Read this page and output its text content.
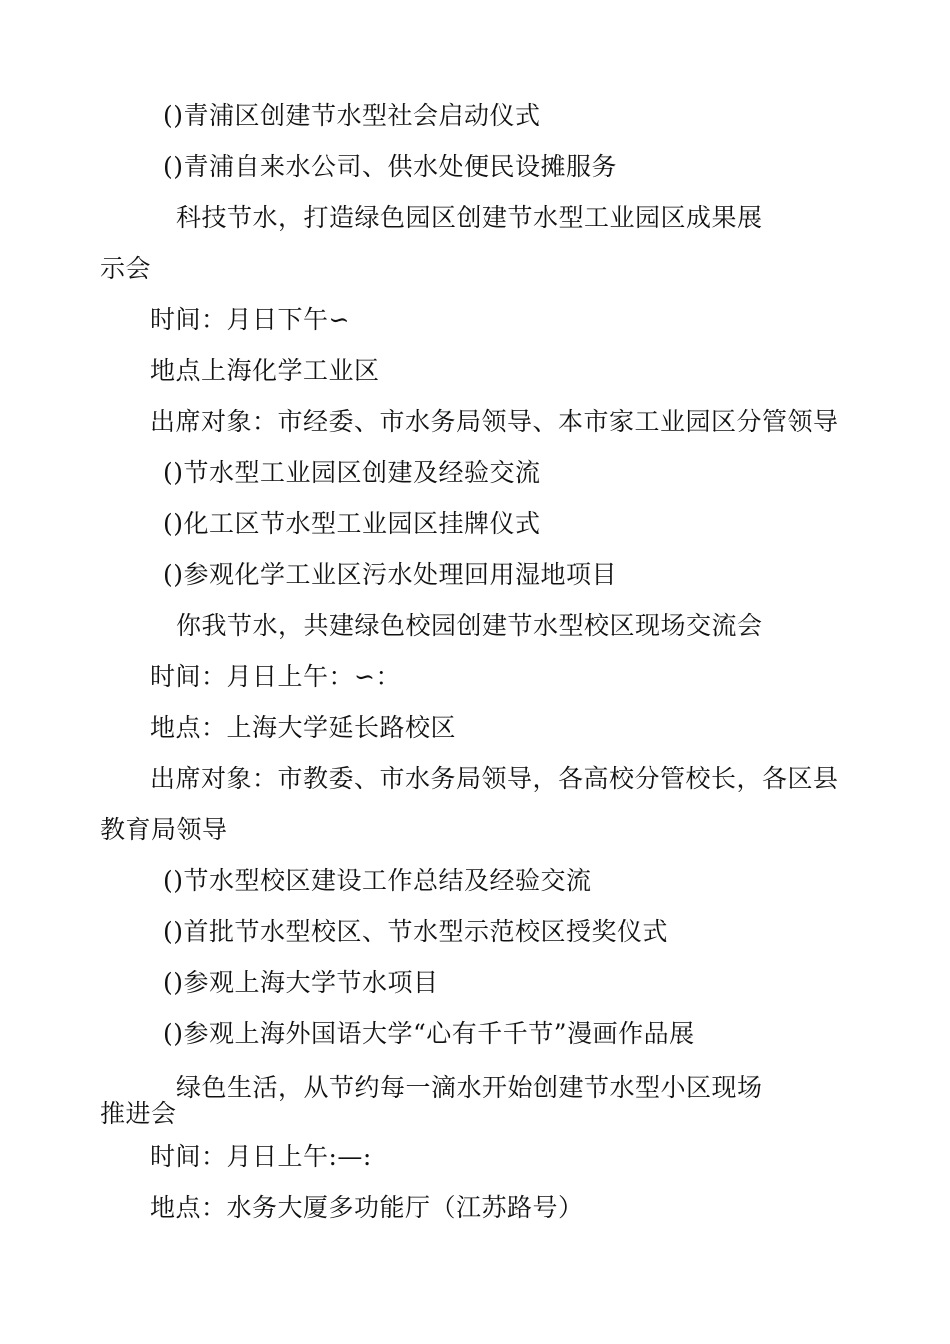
()青浦区创建节水型社会启动仪式
()青浦自来水公司、供水处便民设摊服务
科技节水，打造绿色园区创建节水型工业园区成果展
示会
时间：月日下午∽
地点上海化学工业区
出席对象：市经委、市水务局领导、本市家工业园区分管领导
()节水型工业园区创建及经验交流
()化工区节水型工业园区挂牌仪式
()参观化学工业区污水处理回用湿地项目
你我节水，共建绿色校园创建节水型校区现场交流会
时间：月日上午：∽：
地点：上海大学延长路校区
出席对象：市教委、市水务局领导，各高校分管校长，各区县
教育局领导
()节水型校区建设工作总结及经验交流
()首批节水型校区、节水型示范校区授奖仪式
()参观上海大学节水项目
()参观上海外国语大学“心有千千节”漫画作品展
绿色生活，从节约每一滴水开始创建节水型小区现场
推进会
时间：月日上午:—:
地点：水务大厦多功能厅（江苏路号）
